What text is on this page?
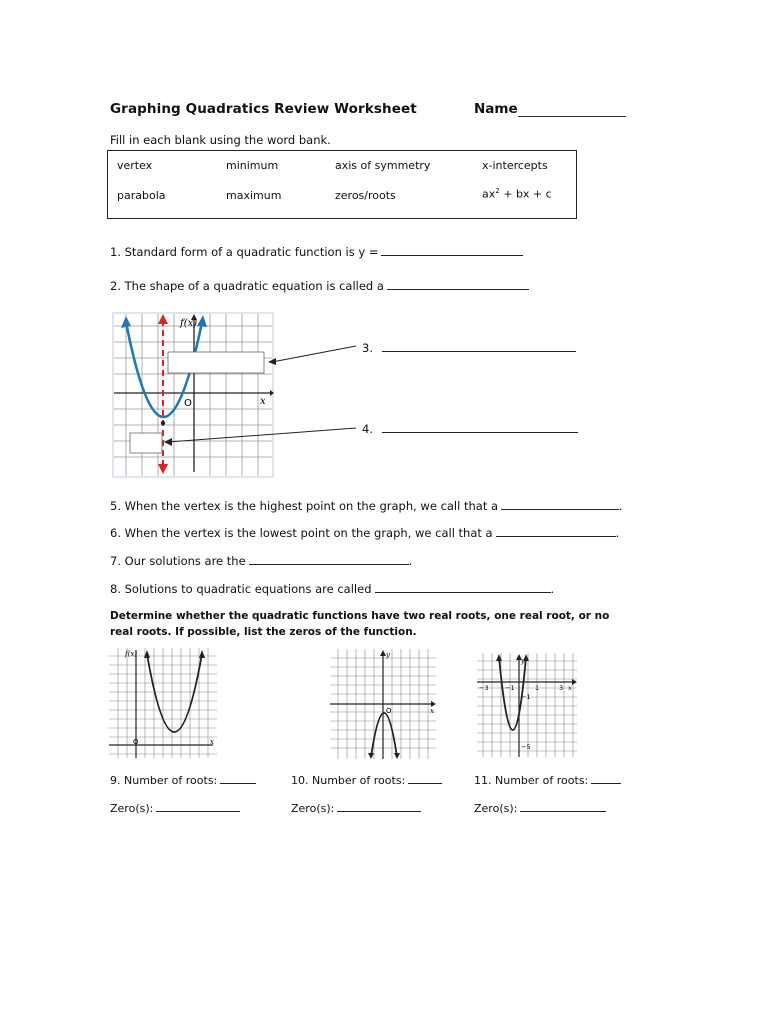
Graphing Quadratics Review Worksheet	Name
Fill in each blank using the word bank.
vertex	minimum	axis of symmetry	x-intercepts
parabola	maximum	zeros/roots	$ax^2$ + bx + c
1. Standard form of a quadratic function is y =
2. The shape of a quadratic equation is called a
f(x)
x
O
3.
4.
5. When the vertex is the highest point on the graph, we call that a	.
6. When the vertex is the lowest point on the graph, we call that a	.
7. Our solutions are the	.
8. Solutions to quadratic equations are called	.
Determine whether the quadratic functions have two real roots, one real root, or no real roots. If possible, list the zeros of the function.
f(x)
O	x
y
O	x
y
−3	−1	1	3 x
−1
−5
9. Number of roots:	10. Number of roots:	11. Number of roots:
Zero(s):	Zero(s):	Zero(s):
